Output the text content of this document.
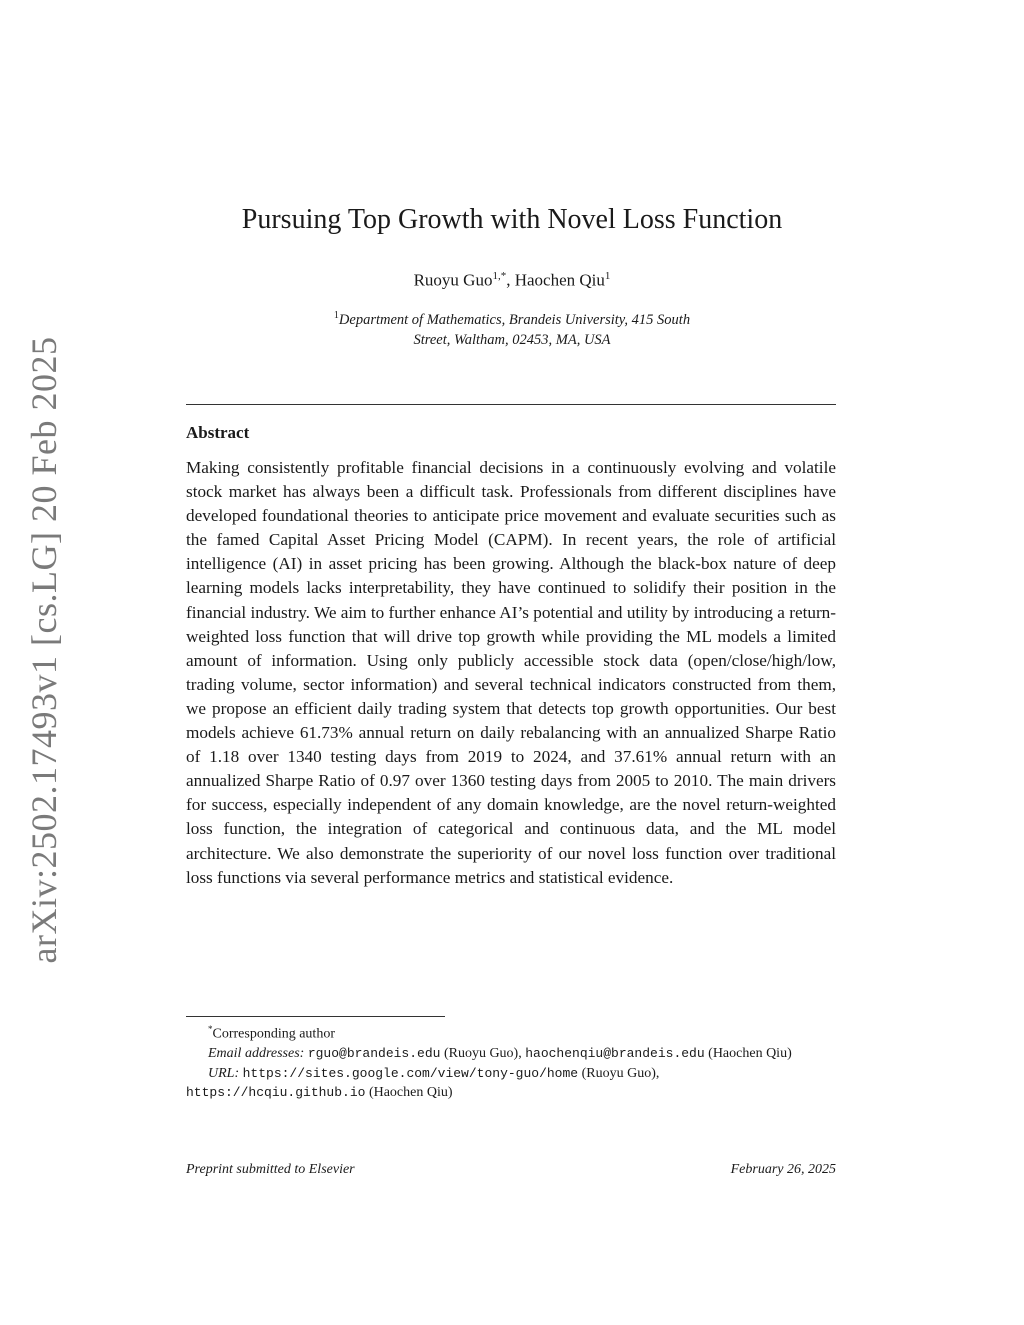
arXiv:2502.17493v1 [cs.LG] 20 Feb 2025
Pursuing Top Growth with Novel Loss Function
Ruoyu Guo$^{1,*}$, Haochen Qiu$^1$
$^1$Department of Mathematics, Brandeis University, 415 South
Street, Waltham, 02453, MA, USA
Abstract

Making consistently profitable financial decisions in a continuously evolving and volatile stock market has always been a difficult task. Professionals from different disciplines have developed foundational theories to anticipate price movement and evaluate securities such as the famed Capital Asset Pricing Model (CAPM). In recent years, the role of artificial intelligence (AI) in asset pricing has been growing. Although the black-box nature of deep learning models lacks interpretability, they have continued to solidify their position in the financial industry. We aim to further enhance AI’s potential and utility by introducing a return-weighted loss function that will drive top growth while providing the ML models a limited amount of information. Using only publicly accessible stock data (open/close/high/low, trading volume, sector information) and several technical indicators constructed from them, we propose an efficient daily trading system that detects top growth opportunities. Our best models achieve 61.73% annual return on daily rebalancing with an annualized Sharpe Ratio of 1.18 over 1340 testing days from 2019 to 2024, and 37.61% annual return with an annualized Sharpe Ratio of 0.97 over 1360 testing days from 2005 to 2010. The main drivers for success, especially independent of any domain knowledge, are the novel return-weighted loss function, the integration of categorical and continuous data, and the ML model architecture. We also demonstrate the superiority of our novel loss function over traditional loss functions via several performance metrics and statistical evidence.

*Corresponding author

Email addresses: rguo@brandeis.edu (Ruoyu Guo), haochenqiu@brandeis.edu (Haochen Qiu)

URL: https://sites.google.com/view/tony-guo/home (Ruoyu Guo), https://hcqiu.github.io (Haochen Qiu)

Preprint submitted to Elsevier	February 26, 2025
